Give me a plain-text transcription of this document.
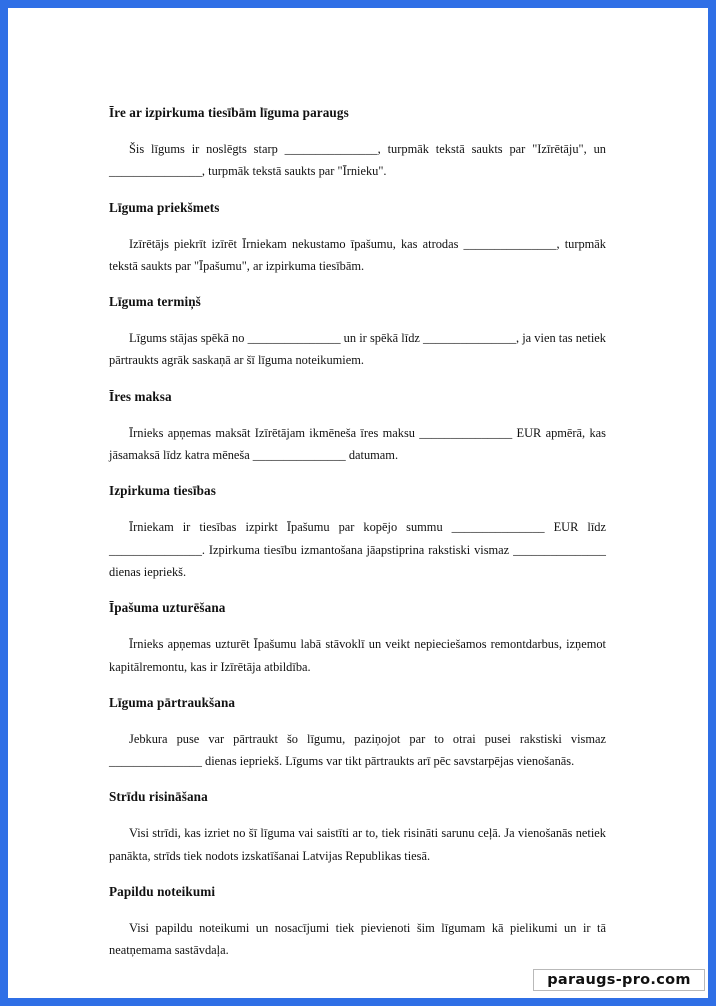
Īre ar izpirkuma tiesībām līguma paraugs

Šis līgums ir noslēgts starp _______________, turpmāk tekstā saukts par "Izīrētāju", un _______________, turpmāk tekstā saukts par "Īrnieku".

Līguma priekšmets

Izīrētājs piekrīt izīrēt Īrniekam nekustamo īpašumu, kas atrodas _______________, turpmāk tekstā saukts par "Īpašumu", ar izpirkuma tiesībām.

Līguma termiņš

Līgums stājas spēkā no _______________ un ir spēkā līdz _______________, ja vien tas netiek pārtraukts agrāk saskaņā ar šī līguma noteikumiem.

Īres maksa

Īrnieks apņemas maksāt Izīrētājam ikmēneša īres maksu _______________ EUR apmērā, kas jāsamaksā līdz katra mēneša _______________ datumam.

Izpirkuma tiesības

Īrniekam ir tiesības izpirkt Īpašumu par kopējo summu _______________ EUR līdz _______________. Izpirkuma tiesību izmantošana jāapstiprina rakstiski vismaz _______________ dienas iepriekš.

Īpašuma uzturēšana

Īrnieks apņemas uzturēt Īpašumu labā stāvoklī un veikt nepieciešamos remontdarbus, izņemot kapitālremontu, kas ir Izīrētāja atbildība.

Līguma pārtraukšana

Jebkura puse var pārtraukt šo līgumu, paziņojot par to otrai pusei rakstiski vismaz _______________ dienas iepriekš. Līgums var tikt pārtraukts arī pēc savstarpējas vienošanās.

Strīdu risināšana

Visi strīdi, kas izriet no šī līguma vai saistīti ar to, tiek risināti sarunu ceļā. Ja vienošanās netiek panākta, strīds tiek nodots izskatīšanai Latvijas Republikas tiesā.

Papildu noteikumi

Visi papildu noteikumi un nosacījumi tiek pievienoti šim līgumam kā pielikumi un ir tā neatņemama sastāvdaļa.

paraugs-pro.com
